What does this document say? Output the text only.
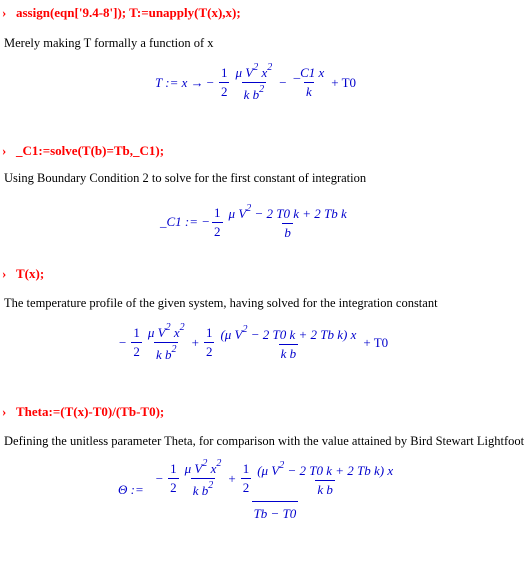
› assign(eqn['9.4-8']); T:=unapply(T(x),x);
Merely making T formally a function of x
T := x → − $\frac{1}{2} \frac{\mu V^2 x^2}{k b^2} - \frac{\_C1 x}{k} + T0$
› _C1:=solve(T(b)=Tb,_C1);
Using Boundary Condition 2 to solve for the first constant of integration
_C1 := − $\frac{1}{2} \frac{\mu V^2 - 2 T0 k + 2 Tb k}{b}$
› T(x);
The temperature profile of the given system, having solved for the integration constant
− $\frac{1}{2} \frac{\mu V^2 x^2}{k b^2} + \frac{1}{2} \frac{(\mu V^2 - 2 T0 k + 2 Tb k) x}{\text{k b}} + T0$
› Theta:=(T(x)-T0)/(Tb-T0);
Defining the unitless parameter Theta, for comparison with the value attained by Bird Stewart Lightfoot
Θ :=
− $\frac{1}{2} \frac{\mu V^2 x^2}{k b^2} + \frac{1}{2} \frac{(\mu V^2 - 2 T0 k + 2 Tb k) x}{\text{k b}}$
Tb − T0
